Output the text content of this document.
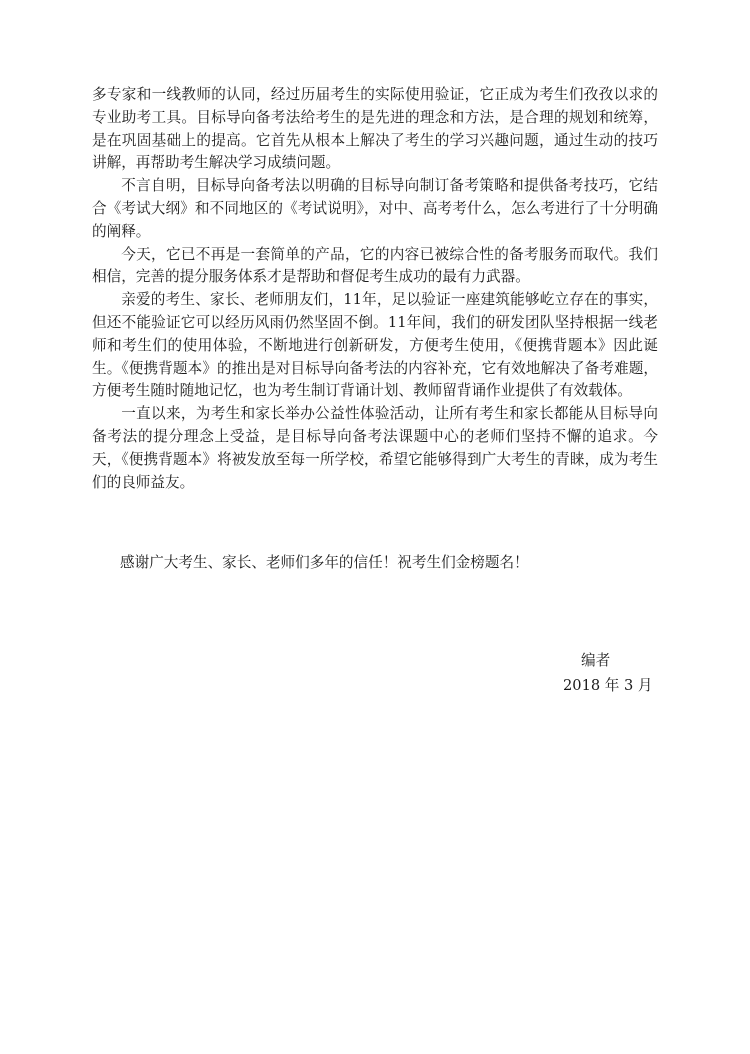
多专家和一线教师的认同，经过历届考生的实际使用验证，它正成为考生们孜孜以求的专业助考工具。目标导向备考法给考生的是先进的理念和方法，是合理的规划和统筹，是在巩固基础上的提高。它首先从根本上解决了考生的学习兴趣问题，通过生动的技巧讲解，再帮助考生解决学习成绩问题。

不言自明，目标导向备考法以明确的目标导向制订备考策略和提供备考技巧，它结合《考试大纲》和不同地区的《考试说明》，对中、高考考什么，怎么考进行了十分明确的阐释。

今天，它已不再是一套简单的产品，它的内容已被综合性的备考服务而取代。我们相信，完善的提分服务体系才是帮助和督促考生成功的最有力武器。

亲爱的考生、家长、老师朋友们，11年，足以验证一座建筑能够屹立存在的事实，但还不能验证它可以经历风雨仍然坚固不倒。11年间，我们的研发团队坚持根据一线老师和考生们的使用体验，不断地进行创新研发，方便考生使用，《便携背题本》因此诞生。《便携背题本》的推出是对目标导向备考法的内容补充，它有效地解决了备考难题，方便考生随时随地记忆，也为考生制订背诵计划、教师留背诵作业提供了有效载体。

一直以来，为考生和家长举办公益性体验活动，让所有考生和家长都能从目标导向备考法的提分理念上受益，是目标导向备考法课题中心的老师们坚持不懈的追求。今天，《便携背题本》将被发放至每一所学校，希望它能够得到广大考生的青睐，成为考生们的良师益友。

感谢广大考生、家长、老师们多年的信任！祝考生们金榜题名！

编者

2018 年 3 月
